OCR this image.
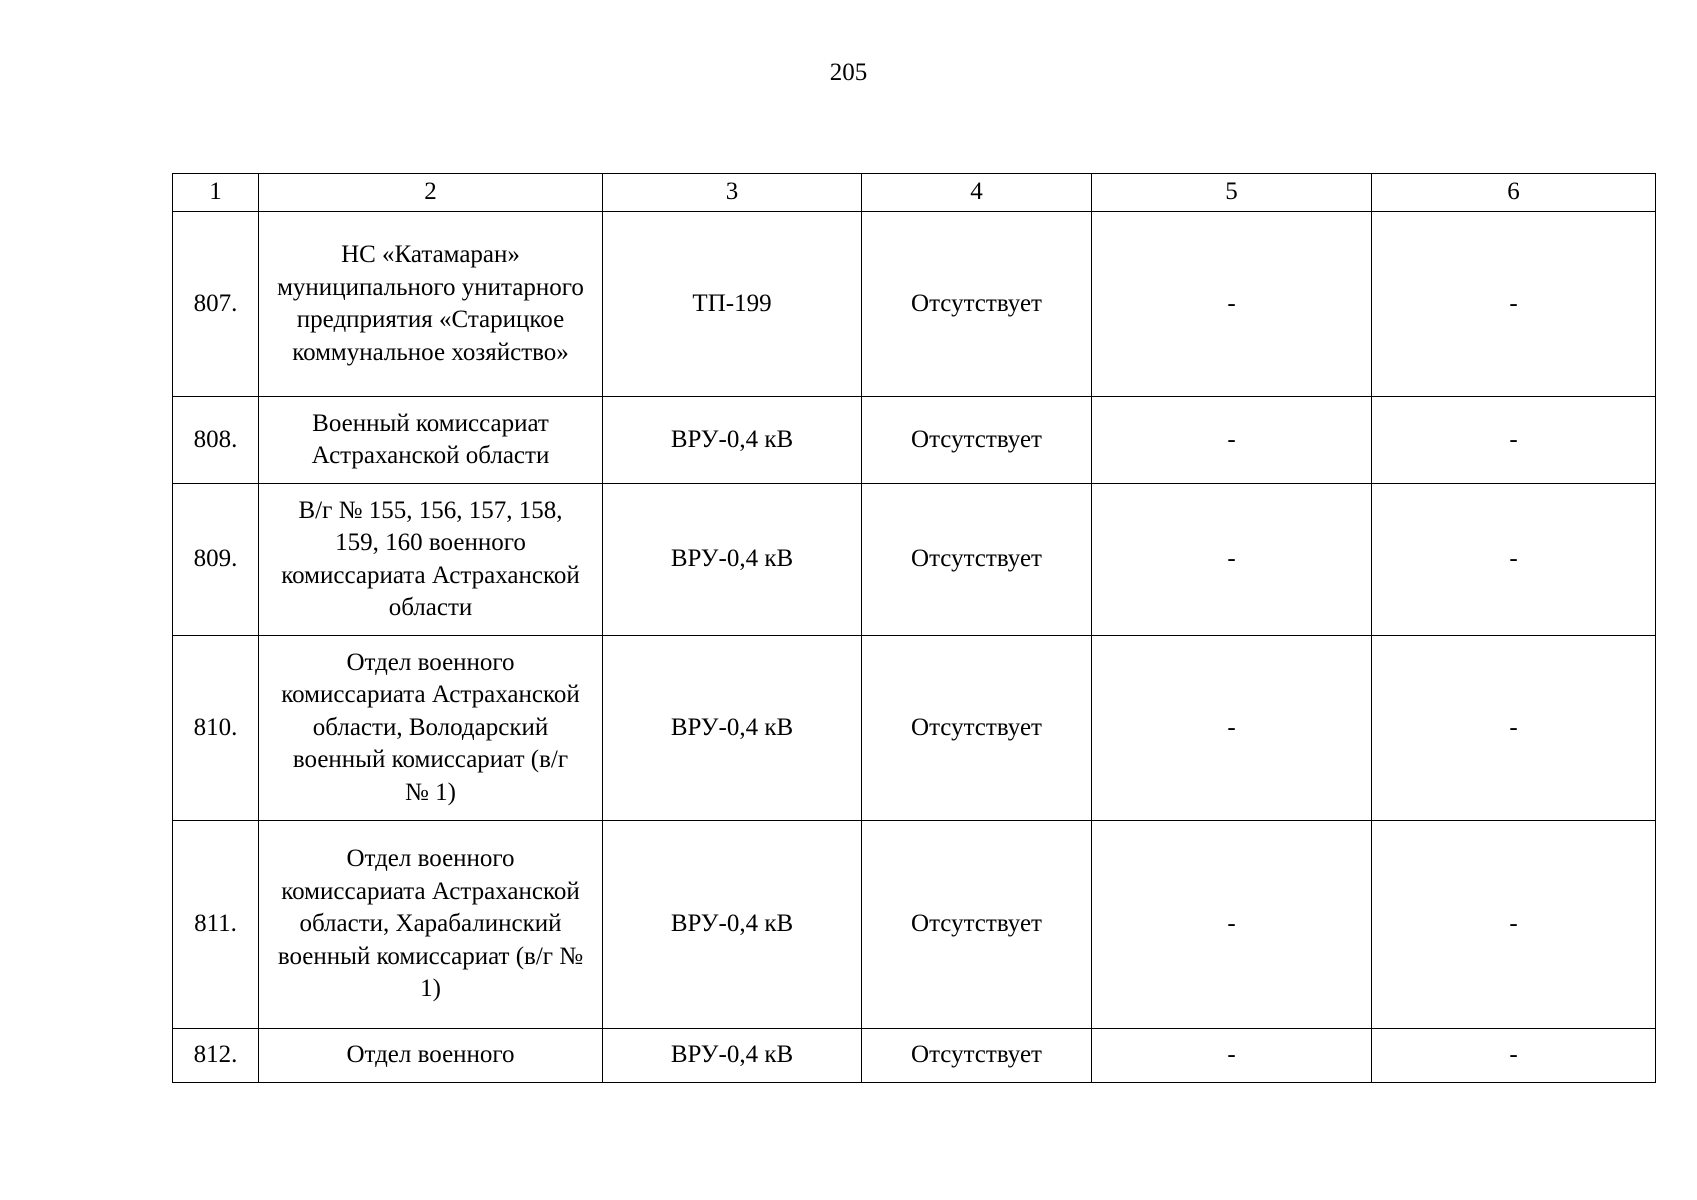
205
1	2	3	4	5	6
807.	НС «Катамаран» муниципального унитарного предприятия «Старицкое коммунальное хозяйство»	ТП-199	Отсутствует	-	-
808.	Военный комиссариат Астраханской области	ВРУ-0,4 кВ	Отсутствует	-	-
809.	В/г № 155, 156, 157, 158, 159, 160 военного комиссариата Астраханской области	ВРУ-0,4 кВ	Отсутствует	-	-
810.	Отдел военного комиссариата Астраханской области, Володарский военный комиссариат (в/г № 1)	ВРУ-0,4 кВ	Отсутствует	-	-
811.	Отдел военного комиссариата Астраханской области, Харабалинский военный комиссариат (в/г № 1)	ВРУ-0,4 кВ	Отсутствует	-	-
812.	Отдел военного	ВРУ-0,4 кВ	Отсутствует	-	-
